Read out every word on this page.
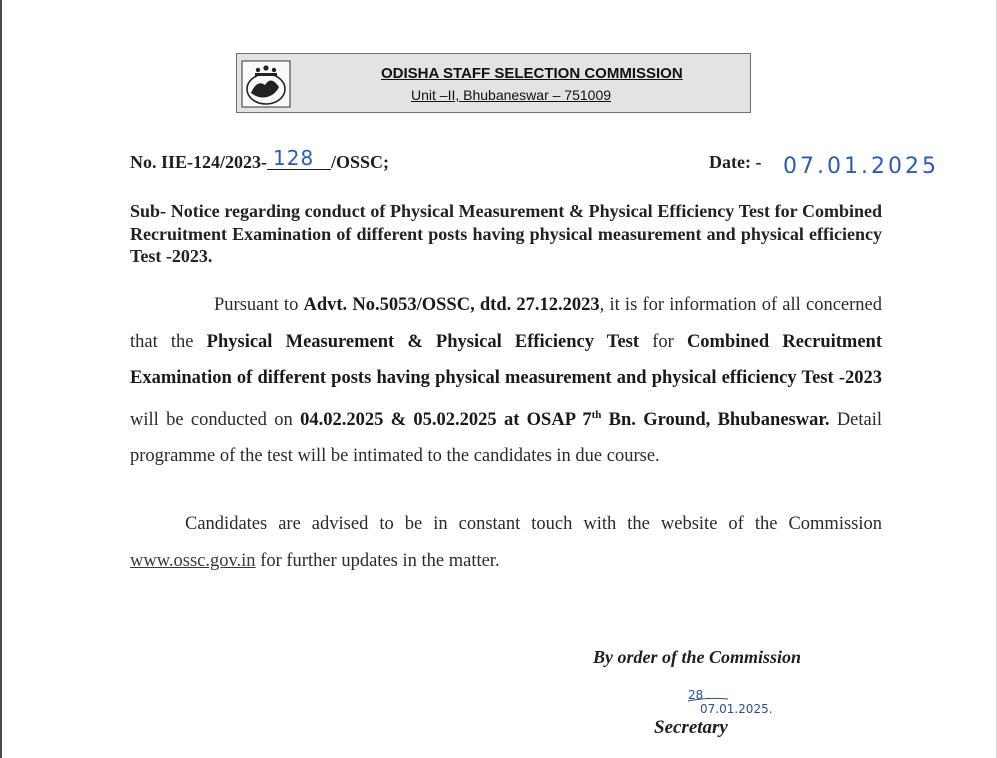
ODISHA STAFF SELECTION COMMISSION
Unit –II, Bhubaneswar – 751009
No. IIE-124/2023- 128 /OSSC;	Date: - 07.01.2025
Sub- Notice regarding conduct of Physical Measurement & Physical Efficiency Test for Combined Recruitment Examination of different posts having physical measurement and physical efficiency Test -2023.
Pursuant to Advt. No.5053/OSSC, dtd. 27.12.2023, it is for information of all concerned that the Physical Measurement & Physical Efficiency Test for Combined Recruitment Examination of different posts having physical measurement and physical efficiency Test -2023 will be conducted on 04.02.2025 & 05.02.2025 at OSAP 7th Bn. Ground, Bhubaneswar. Detail programme of the test will be intimated to the candidates in due course.
Candidates are advised to be in constant touch with the website of the Commission www.ossc.gov.in for further updates in the matter.
By order of the Commission
28
07.01.2025.
Secretary
